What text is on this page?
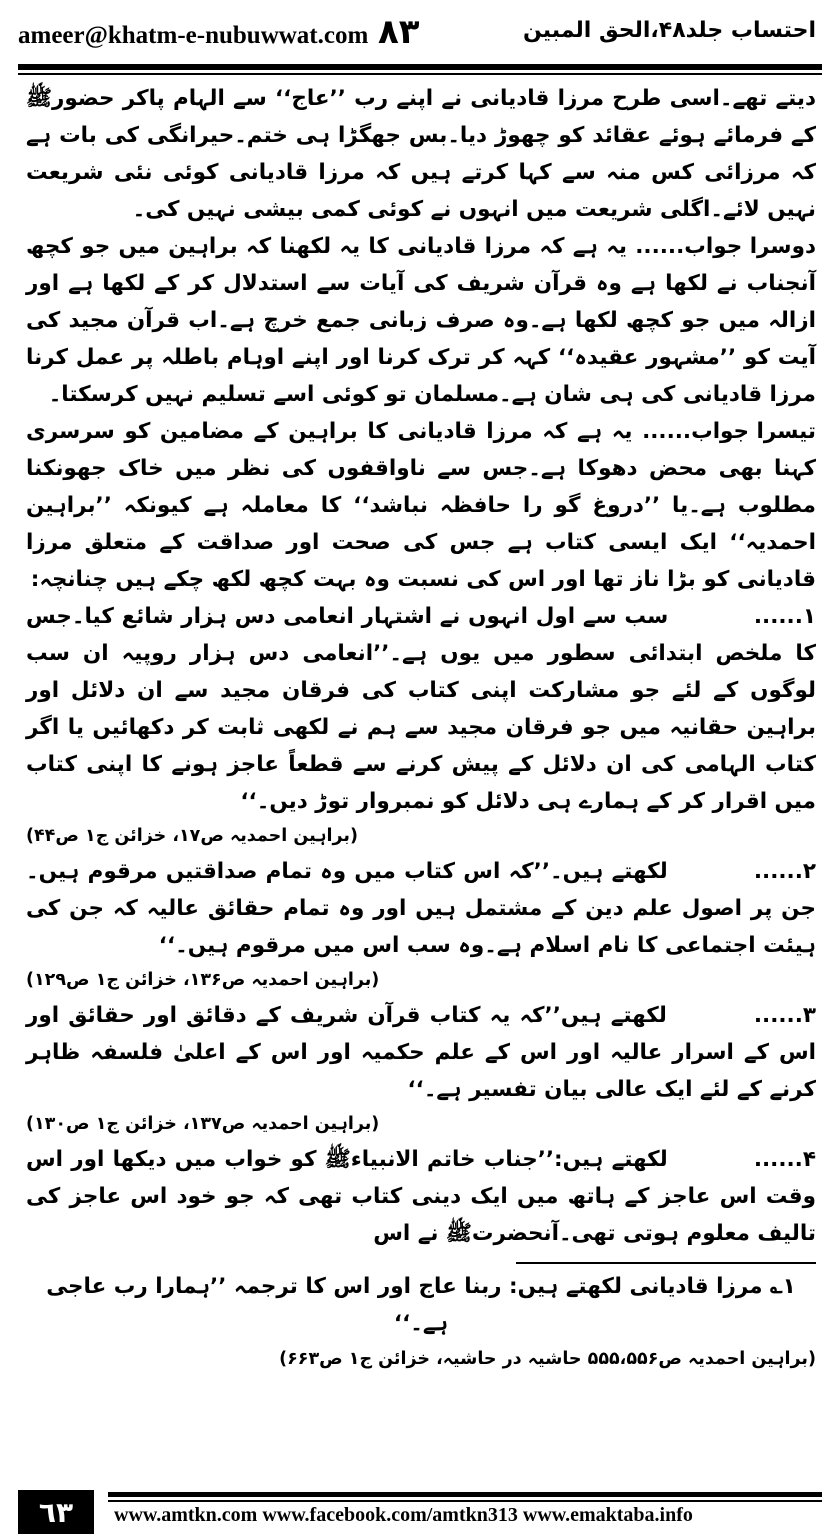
ameer@khatm-e-nubuwwat.com ٨٣	احتساب جلد۴۸،الحق المبین

دیتے تھے۔اسی طرح مرزا قادیانی نے اپنے رب ’’عاج‘‘ سے الہام پاکر حضورﷺ کے فرمائے ہوئے عقائد کو چھوڑ دیا۔بس جھگڑا ہی ختم۔حیرانگی کی بات ہے کہ مرزائی کس منہ سے کہا کرتے ہیں کہ مرزا قادیانی کوئی نئی شریعت نہیں لائے۔اگلی شریعت میں انہوں نے کوئی کمی بیشی نہیں کی۔

دوسرا جواب...... یہ ہے کہ مرزا قادیانی کا یہ لکھنا کہ براہین میں جو کچھ آنجناب نے لکھا ہے وہ قرآن شریف کی آیات سے استدلال کر کے لکھا ہے اور ازالہ میں جو کچھ لکھا ہے۔وہ صرف زبانی جمع خرچ ہے۔اب قرآن مجید کی آیت کو ’’مشہور عقیدہ‘‘ کہہ کر ترک کرنا اور اپنے اوہام باطلہ پر عمل کرنا مرزا قادیانی کی ہی شان ہے۔مسلمان تو کوئی اسے تسلیم نہیں کرسکتا۔

تیسرا جواب...... یہ ہے کہ مرزا قادیانی کا براہین کے مضامین کو سرسری کہنا بھی محض دھوکا ہے۔جس سے ناواقفوں کی نظر میں خاک جھونکنا مطلوب ہے۔یا ’’دروغ گو را حافظہ نباشد‘‘ کا معاملہ ہے کیونکہ ’’براہین احمدیہ‘‘ ایک ایسی کتاب ہے جس کی صحت اور صداقت کے متعلق مرزا قادیانی کو بڑا ناز تھا اور اس کی نسبت وہ بہت کچھ لکھ چکے ہیں چنانچہ:

۱...... سب سے اول انہوں نے اشتہار انعامی دس ہزار شائع کیا۔جس کا ملخص ابتدائی سطور میں یوں ہے۔’’انعامی دس ہزار روپیہ ان سب لوگوں کے لئے جو مشارکت اپنی کتاب کی فرقان مجید سے ان دلائل اور براہین حقانیہ میں جو فرقان مجید سے ہم نے لکھی ثابت کر دکھائیں یا اگر کتاب الہامی کی ان دلائل کے پیش کرنے سے قطعاً عاجز ہونے کا اپنی کتاب میں اقرار کر کے ہمارے ہی دلائل کو نمبروار توڑ دیں۔‘‘

(براہین احمدیہ ص۱۷، خزائن ج۱ ص۴۴)

۲...... لکھتے ہیں۔’’کہ اس کتاب میں وہ تمام صداقتیں مرقوم ہیں۔جن پر اصول علم دین کے مشتمل ہیں اور وہ تمام حقائق عالیہ کہ جن کی ہیئت اجتماعی کا نام اسلام ہے۔وہ سب اس میں مرقوم ہیں۔‘‘

(براہین احمدیہ ص۱۳۶، خزائن ج۱ ص۱۲۹)

۳...... لکھتے ہیں’’کہ یہ کتاب قرآن شریف کے دقائق اور حقائق اور اس کے اسرار عالیہ اور اس کے علم حکمیہ اور اس کے اعلیٰ فلسفہ ظاہر کرنے کے لئے ایک عالی بیان تفسیر ہے۔‘‘

(براہین احمدیہ ص۱۳۷، خزائن ج۱ ص۱۳۰)

۴...... لکھتے ہیں:’’جناب خاتم الانبیاءﷺ کو خواب میں دیکھا اور اس وقت اس عاجز کے ہاتھ میں ایک دینی کتاب تھی کہ جو خود اس عاجز کی تالیف معلوم ہوتی تھی۔آنحضرتﷺ نے اس

۱؎ مرزا قادیانی لکھتے ہیں: ربنا عاج اور اس کا ترجمہ ’’ہمارا رب عاجی ہے۔‘‘

(براہین احمدیہ ص۵۵۵،۵۵۶ حاشیہ در حاشیہ، خزائن ج۱ ص۶۶۳)

٦٣	www.amtkn.com www.facebook.com/amtkn313 www.emaktaba.info
